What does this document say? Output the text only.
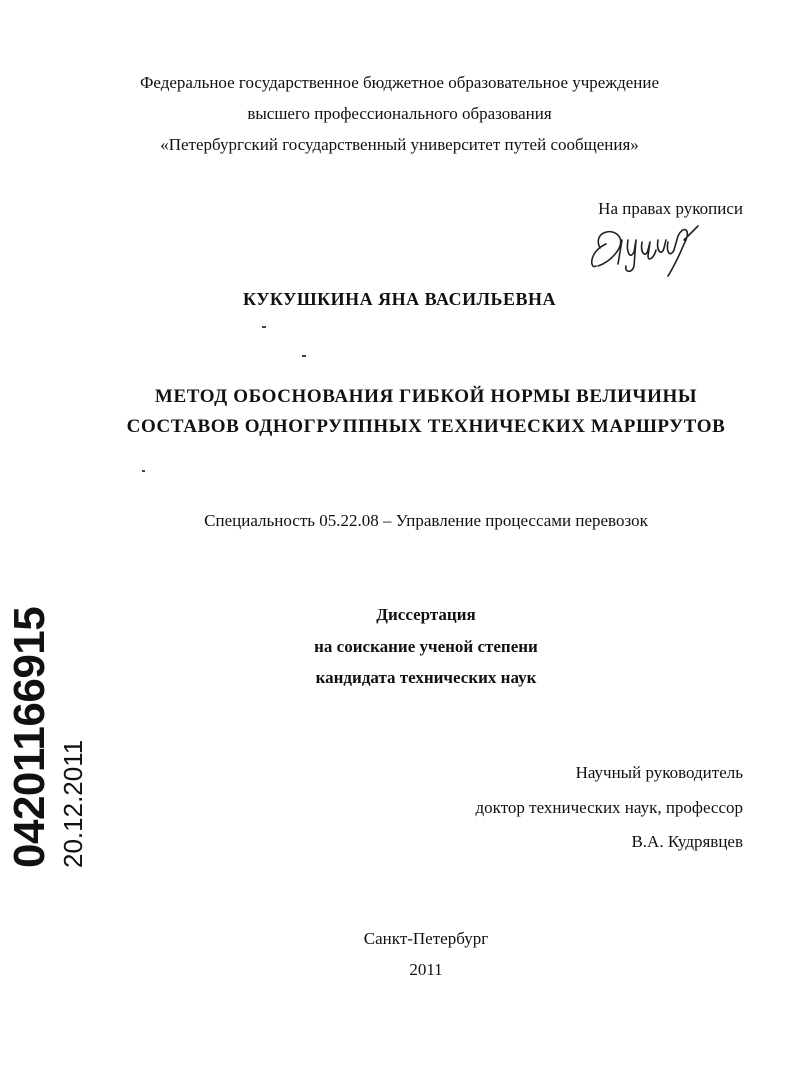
Федеральное государственное бюджетное образовательное учреждение
высшего профессионального образования
«Петербургский государственный университет путей сообщения»
На правах рукописи
КУКУШКИНА ЯНА ВАСИЛЬЕВНА
МЕТОД ОБОСНОВАНИЯ ГИБКОЙ НОРМЫ ВЕЛИЧИНЫ
СОСТАВОВ ОДНОГРУППНЫХ ТЕХНИЧЕСКИХ МАРШРУТОВ
Специальность 05.22.08 – Управление процессами перевозок
Диссертация
на соискание ученой степени
кандидата технических наук
Научный руководитель
доктор технических наук, профессор
В.А. Кудрявцев
Санкт-Петербург
2011
04201166915 20.12.2011
